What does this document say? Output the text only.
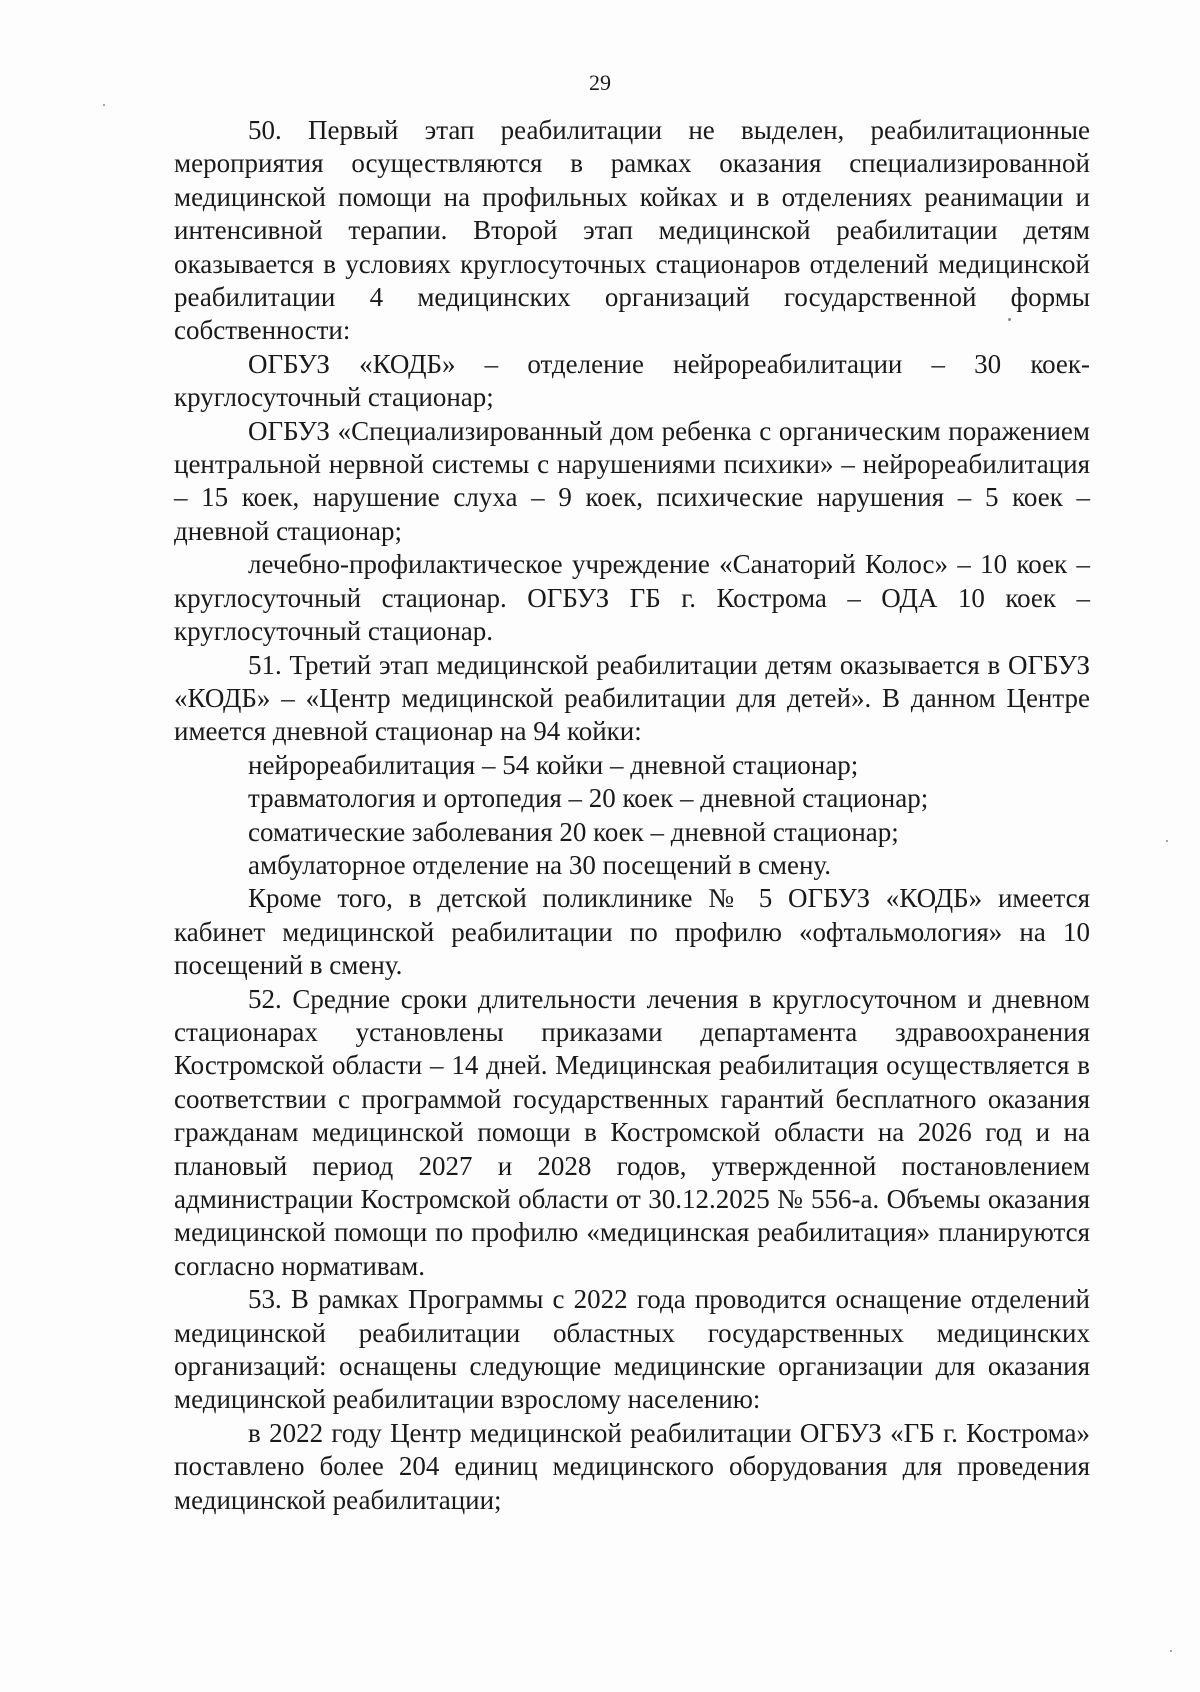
29

50. Первый этап реабилитации не выделен, реабилитационные мероприятия осуществляются в рамках оказания специализированной медицинской помощи на профильных койках и в отделениях реанимации и интенсивной терапии. Второй этап медицинской реабилитации детям оказывается в условиях круглосуточных стационаров отделений медицинской реабилитации 4 медицинских организаций государственной формы собственности:

ОГБУЗ «КОДБ» – отделение нейрореабилитации – 30 коек-круглосуточный стационар;

ОГБУЗ «Специализированный дом ребенка с органическим поражением центральной нервной системы с нарушениями психики» – нейрореабилитация – 15 коек, нарушение слуха – 9 коек, психические нарушения – 5 коек – дневной стационар;

лечебно-профилактическое учреждение «Санаторий Колос» – 10 коек – круглосуточный стационар. ОГБУЗ ГБ г. Кострома – ОДА 10 коек – круглосуточный стационар.

51. Третий этап медицинской реабилитации детям оказывается в ОГБУЗ «КОДБ» – «Центр медицинской реабилитации для детей». В данном Центре имеется дневной стационар на 94 койки:

нейрореабилитация – 54 койки – дневной стационар;

травматология и ортопедия – 20 коек – дневной стационар;

соматические заболевания 20 коек – дневной стационар;

амбулаторное отделение на 30 посещений в смену.

Кроме того, в детской поликлинике № 5 ОГБУЗ «КОДБ» имеется кабинет медицинской реабилитации по профилю «офтальмология» на 10 посещений в смену.

52. Средние сроки длительности лечения в круглосуточном и дневном стационарах установлены приказами департамента здравоохранения Костромской области – 14 дней. Медицинская реабилитация осуществляется в соответствии с программой государственных гарантий бесплатного оказания гражданам медицинской помощи в Костромской области на 2026 год и на плановый период 2027 и 2028 годов, утвержденной постановлением администрации Костромской области от 30.12.2025 № 556-а. Объемы оказания медицинской помощи по профилю «медицинская реабилитация» планируются согласно нормативам.

53. В рамках Программы с 2022 года проводится оснащение отделений медицинской реабилитации областных государственных медицинских организаций: оснащены следующие медицинские организации для оказания медицинской реабилитации взрослому населению:

в 2022 году Центр медицинской реабилитации ОГБУЗ «ГБ г. Кострома» поставлено более 204 единиц медицинского оборудования для проведения медицинской реабилитации;
